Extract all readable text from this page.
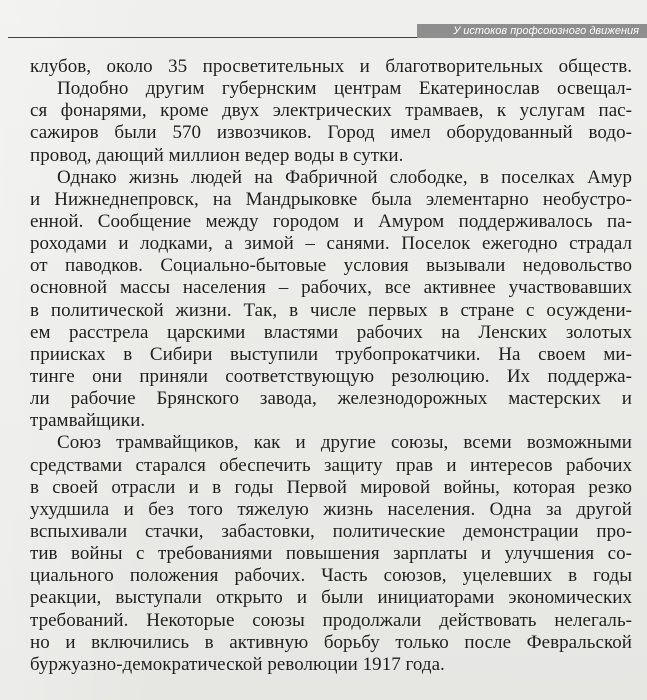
У истоков профсоюзного движения
клубов, около 35 просветительных и благотворительных обществ.
Подобно другим губернским центрам Екатеринослав освещал-
ся фонарями, кроме двух электрических трамваев, к услугам пас-
сажиров были 570 извозчиков. Город имел оборудованный водо-
провод, дающий миллион ведер воды в сутки.
Однако жизнь людей на Фабричной слободке, в поселках Амур
и Нижнеднепровск, на Мандрыковке была элементарно необустро-
енной. Сообщение между городом и Амуром поддерживалось па-
роходами и лодками, а зимой – санями. Поселок ежегодно страдал
от паводков. Социально-бытовые условия вызывали недовольство
основной массы населения – рабочих, все активнее участвовавших
в политической жизни. Так, в числе первых в стране с осуждени-
ем расстрела царскими властями рабочих на Ленских золотых
приисках в Сибири выступили трубопрокатчики. На своем ми-
тинге они приняли соответствующую резолюцию. Их поддержа-
ли рабочие Брянского завода, железнодорожных мастерских и
трамвайщики.
Союз трамвайщиков, как и другие союзы, всеми возможными
средствами старался обеспечить защиту прав и интересов рабочих
в своей отрасли и в годы Первой мировой войны, которая резко
ухудшила и без того тяжелую жизнь населения. Одна за другой
вспыхивали стачки, забастовки, политические демонстрации про-
тив войны с требованиями повышения зарплаты и улучшения со-
циального положения рабочих. Часть союзов, уцелевших в годы
реакции, выступали открыто и были инициаторами экономических
требований. Некоторые союзы продолжали действовать нелегаль-
но и включились в активную борьбу только после Февральской
буржуазно-демократической революции 1917 года.
